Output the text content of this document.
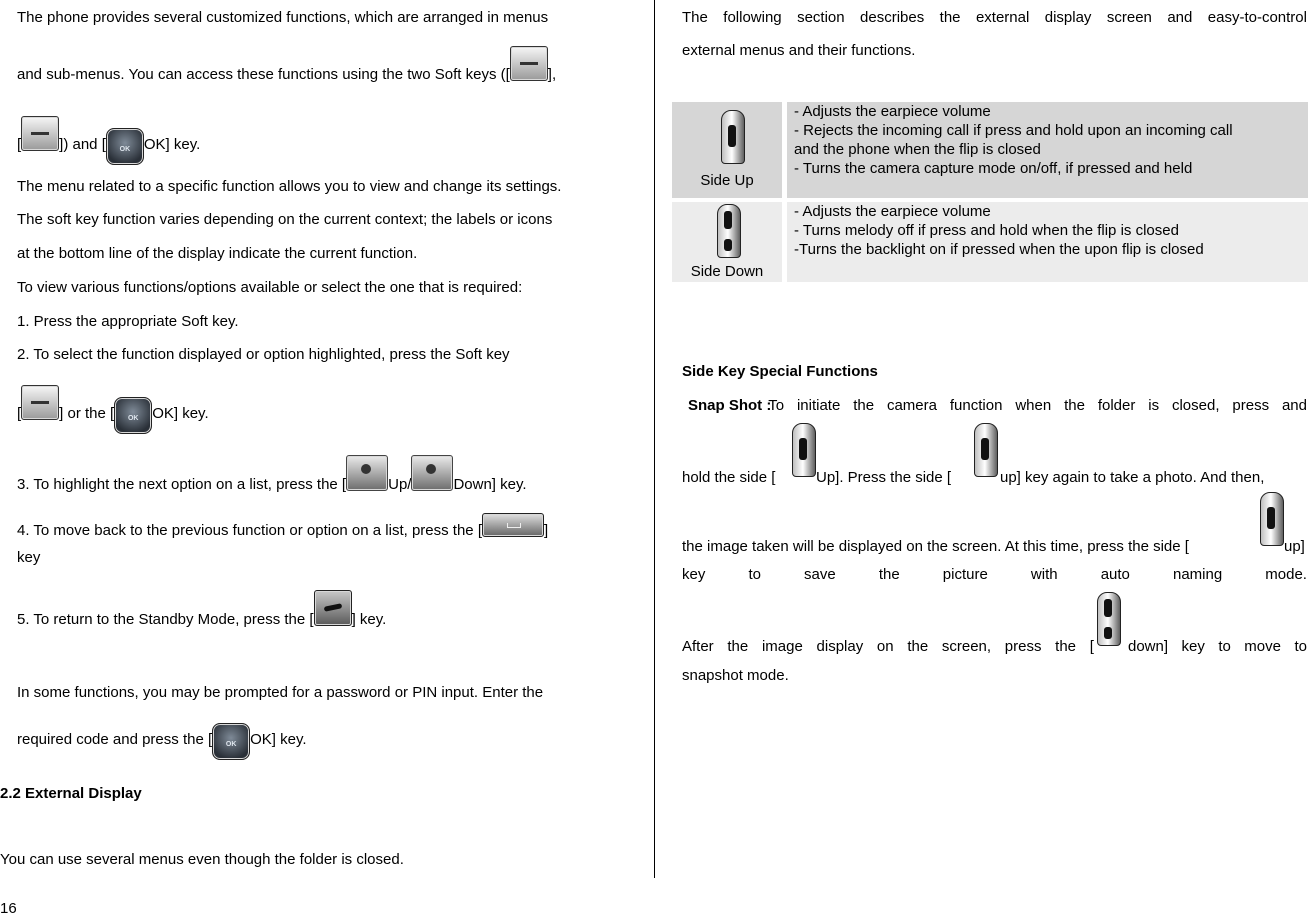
The phone provides several customized functions, which are arranged in menus
and sub-menus. You can access these functions using the two Soft keys ([	],
[	]) and [ OK OK] key.
The menu related to a specific function allows you to view and change its settings.
The soft key function varies depending on the current context; the labels or icons
at the bottom line of the display indicate the current function.
To view various functions/options available or select the one that is required:
1. Press the appropriate Soft key.
2. To select the function displayed or option highlighted, press the Soft key
[	] or the [ OK OK] key.
3. To highlight the next option on a list, press the [	Up/	Down] key.
4. To move back to the previous function or option on a list, press the [	]
key
5. To return to the Standby Mode, press the [	] key.
In some functions, you may be prompted for a password or PIN input. Enter the
required code and press the [ OK OK] key.
2.2 External Display
You can use several menus even though the folder is closed.
16
The following section describes the external display screen and easy-to-control
external menus and their functions.
Side Up
- Adjusts the earpiece volume
- Rejects the incoming call if press and hold upon an incoming call
and the phone when the flip is closed
- Turns the camera capture mode on/off, if pressed and held
Side Down
- Adjusts the earpiece volume
- Turns melody off if press and hold when the flip is closed
-Turns the backlight on if pressed when the upon flip is closed
Side Key Special Functions
Snap Shot :
To initiate the camera function when the folder is closed, press and
hold the side [	Up]. Press the side [	up] key again to take a photo. And then,
the image taken will be displayed on the screen. At this time, press the side [	up]
key	to	save	the	picture	with	auto	naming	mode.
After the image display on the screen, press the [ down] key to move to
snapshot mode.
